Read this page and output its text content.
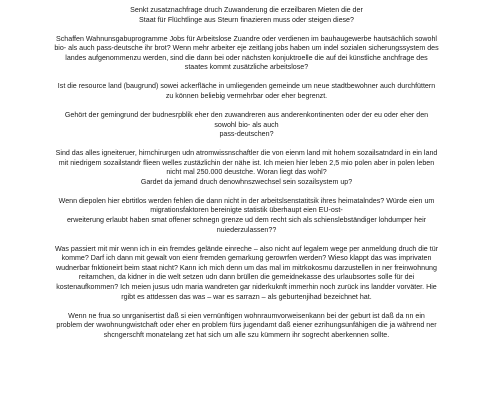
Senkt zusatznachfrage druch Zuwanderung die erzeilbaren Mieten die der
Staat für Flüchtlinge aus Steurn finazieren muss oder steigen diese?

Schaffen Wahnunsgabuprogramme Jobs für Arbeitslose Zuandre oder verdienen im bauhaugewerbe hautsächlich sowohl
bio- als auch pass-deutsche ihr brot? Wenn mehr arbeiter eje zeitlang jobs haben um indel sozialen sicherungssystem des
landes aufgenommenzu werden, sind die dann bei oder nächsten konjuktroelle die auf dei künstliche anchfrage des
staates kommt zusätzliche arbeitslose?

Ist die resource land (baugrund) sowei ackerfläche in umliegenden gemeinde um neue stadtbewohner auch durchfüttern
zu können beliebig vermehrbar oder eher begrenzt.

Gehört der gemingrund der budnesrpblik eher den zuwandreren aus anderenkontinenten oder der eu oder eher den
sowohl bio- als auch
pass-deutschen?

Sind das alles igneiteruer, hirnchirurgen udn atromwissnschaftler die von eienm land mit hohem sozailsatndard in ein land
mit niedrigem sozailstandr flieen welles zustäzlichin der nähe ist. Ich meien hier leben 2,5 mio polen aber in polen leben
nicht mal 250.000 deustche. Woran liegt das wohl?
Gardet da jemand druch denowhnszwechsel sein sozailsystem up?

Wenn diepolen hier ebrtitlos werden fehlen die dann nicht in der arbeitslsenstatitsik ihres heimatalndes? Würde eien um
migrationsfaktoren bereinigte statistik überhaupt eien EU-ost-
erweiterung erlaubt haben smat offener schnegn grenze ud dem recht sich als schienslebständiger lohdumper heir
nuiederzulassen??

Was passiert mit mir wenn ich in ein fremdes gelände einreche – also nicht auf legalem wege per anmeldung druch die tür
komme? Darf ich dann mit gewalt von eienr fremden gemarkung gerowrfen werden? Wieso klappt das was imprivaten
wudnerbar fnktioneirt beim staat nicht? Kann ich mich denn um das mal im mitrkokosmu darzustellen in ner freinwohnung
reitamchen, da kidner in die welt setzen udn dann brüllen die gemeidnekasse des urlaubsortes solle für dei
kostenaufkommen? Ich meien jusus udn maria wandreten gar niderkuknft immerhin noch zurück ins landder vorväter. Hie
rgibt es attdessen das was – war es sarrazn – als geburtenjihad bezeichnet hat.

Wenn ne frua so unrganisertist daß si eien vernünftigen wohnraumvorweisenkann bei der geburt ist daß da nn ein
problem der wwohnungwistchaft oder eher en problem fürs jugendamt daß eiener ezrihungsunfähigen die ja während ner
shcngerschft monatelang zet hat sich um alle szu kümmern ihr sogrecht aberkennen sollte.
